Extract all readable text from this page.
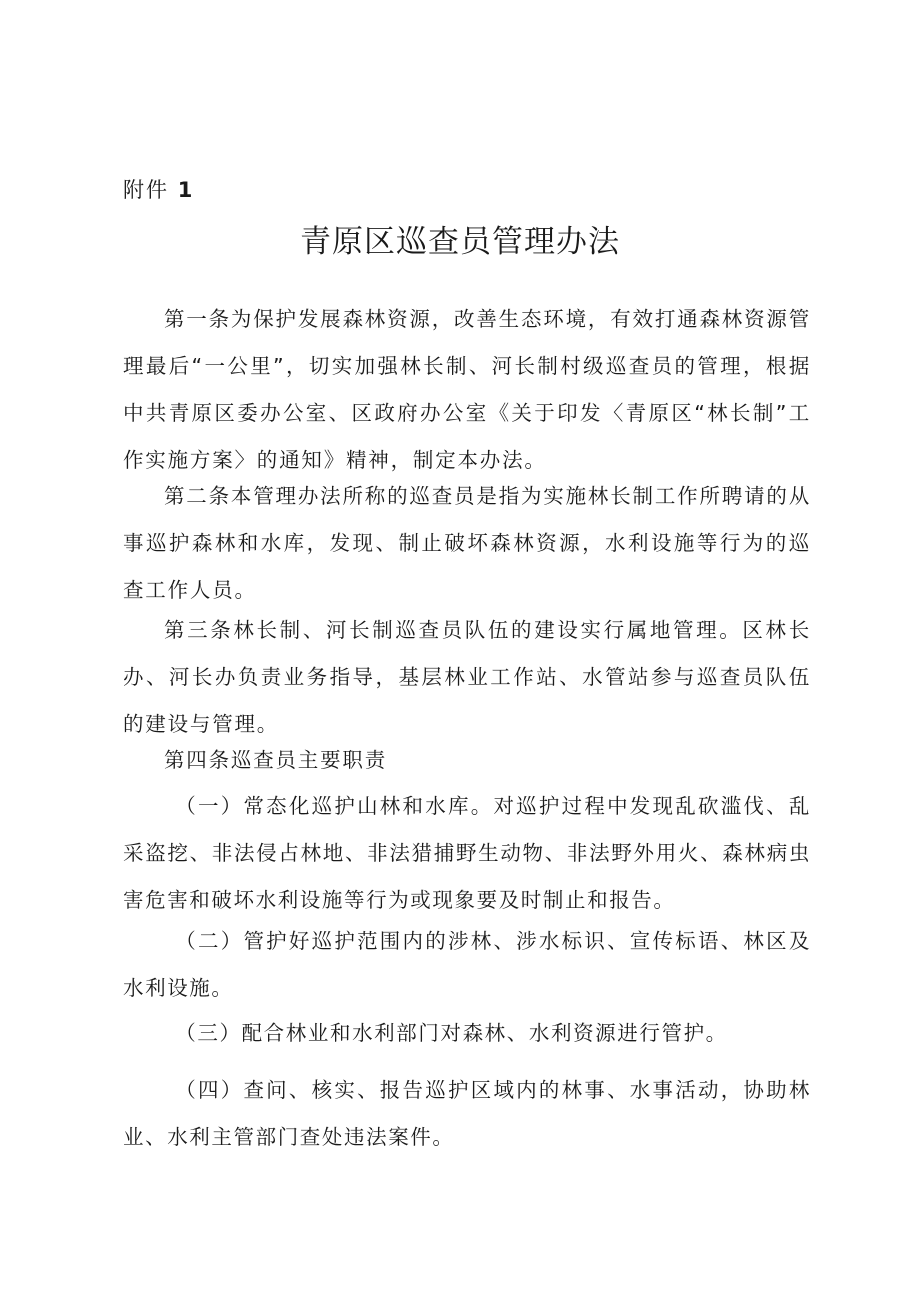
附件 1
青原区巡查员管理办法
第一条为保护发展森林资源，改善生态环境，有效打通森林资源管理最后“一公里”，切实加强林长制、河长制村级巡查员的管理，根据中共青原区委办公室、区政府办公室《关于印发〈青原区“林长制”工作实施方案〉的通知》精神，制定本办法。
第二条本管理办法所称的巡查员是指为实施林长制工作所聘请的从事巡护森林和水库，发现、制止破坏森林资源，水利设施等行为的巡查工作人员。
第三条林长制、河长制巡查员队伍的建设实行属地管理。区林长办、河长办负责业务指导，基层林业工作站、水管站参与巡查员队伍的建设与管理。
第四条巡查员主要职责
（一）常态化巡护山林和水库。对巡护过程中发现乱砍滥伐、乱采盗挖、非法侵占林地、非法猎捕野生动物、非法野外用火、森林病虫害危害和破坏水利设施等行为或现象要及时制止和报告。
（二）管护好巡护范围内的涉林、涉水标识、宣传标语、林区及水利设施。
（三）配合林业和水利部门对森林、水利资源进行管护。
（四）查问、核实、报告巡护区域内的林事、水事活动，协助林业、水利主管部门查处违法案件。
